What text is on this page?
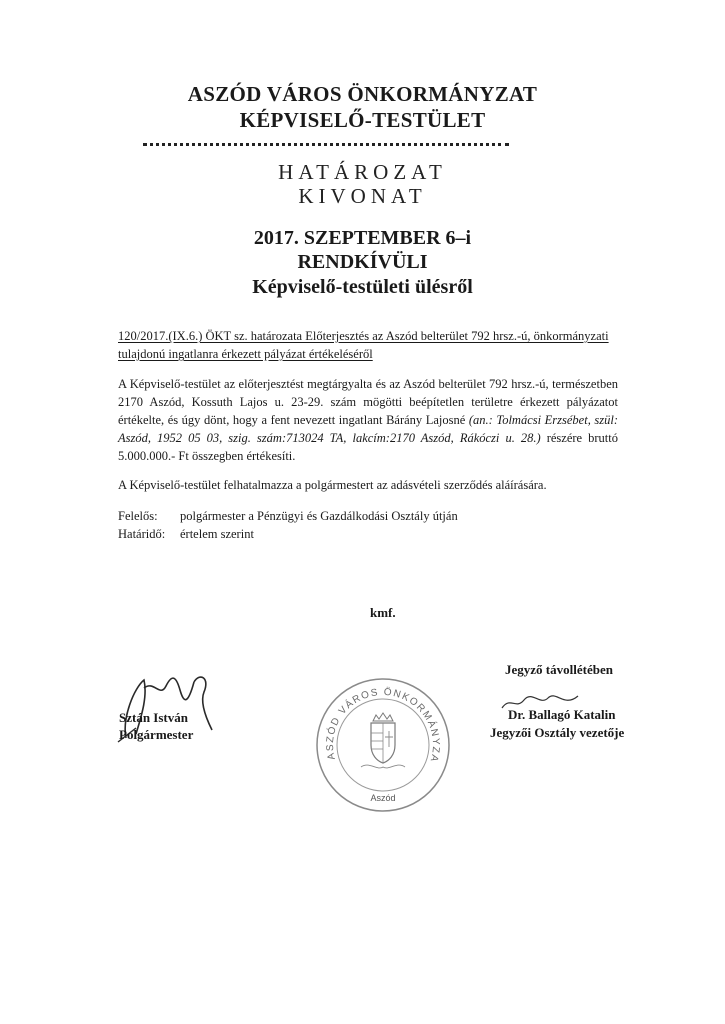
ASZÓD VÁROS ÖNKORMÁNYZAT
KÉPVISELŐ-TESTÜLET
HATÁROZAT
KIVONAT
2017. SZEPTEMBER 6–i
RENDKÍVÜLI
Képviselő-testületi ülésről
120/2017.(IX.6.) ÖKT sz. határozata Előterjesztés az Aszód belterület 792 hrsz.-ú, önkormányzati tulajdonú ingatlanra érkezett pályázat értékeléséről
A Képviselő-testület az előterjesztést megtárgyalta és az Aszód belterület 792 hrsz.-ú, természetben 2170 Aszód, Kossuth Lajos u. 23-29. szám mögötti beépítetlen területre érkezett pályázatot értékelte, és úgy dönt, hogy a fent nevezett ingatlant Bárány Lajosné (an.: Tolmácsi Erzsébet, szül: Aszód, 1952 05 03, szig. szám:713024 TA, lakcím:2170 Aszód, Rákóczi u. 28.) részére bruttó 5.000.000.- Ft összegben értékesíti.
A Képviselő-testület felhatalmazza a polgármestert az adásvételi szerződés aláírására.
Felelős: polgármester a Pénzügyi és Gazdálkodási Osztály útján
Határidő: értelem szerint
kmf.
Jegyző távollétében
Dr. Ballagó Katalin
Jegyzői Osztály vezetője
Sztán István
Polgármester
ASZÓD VÁROS ÖNKORMÁNYZA
Aszód
